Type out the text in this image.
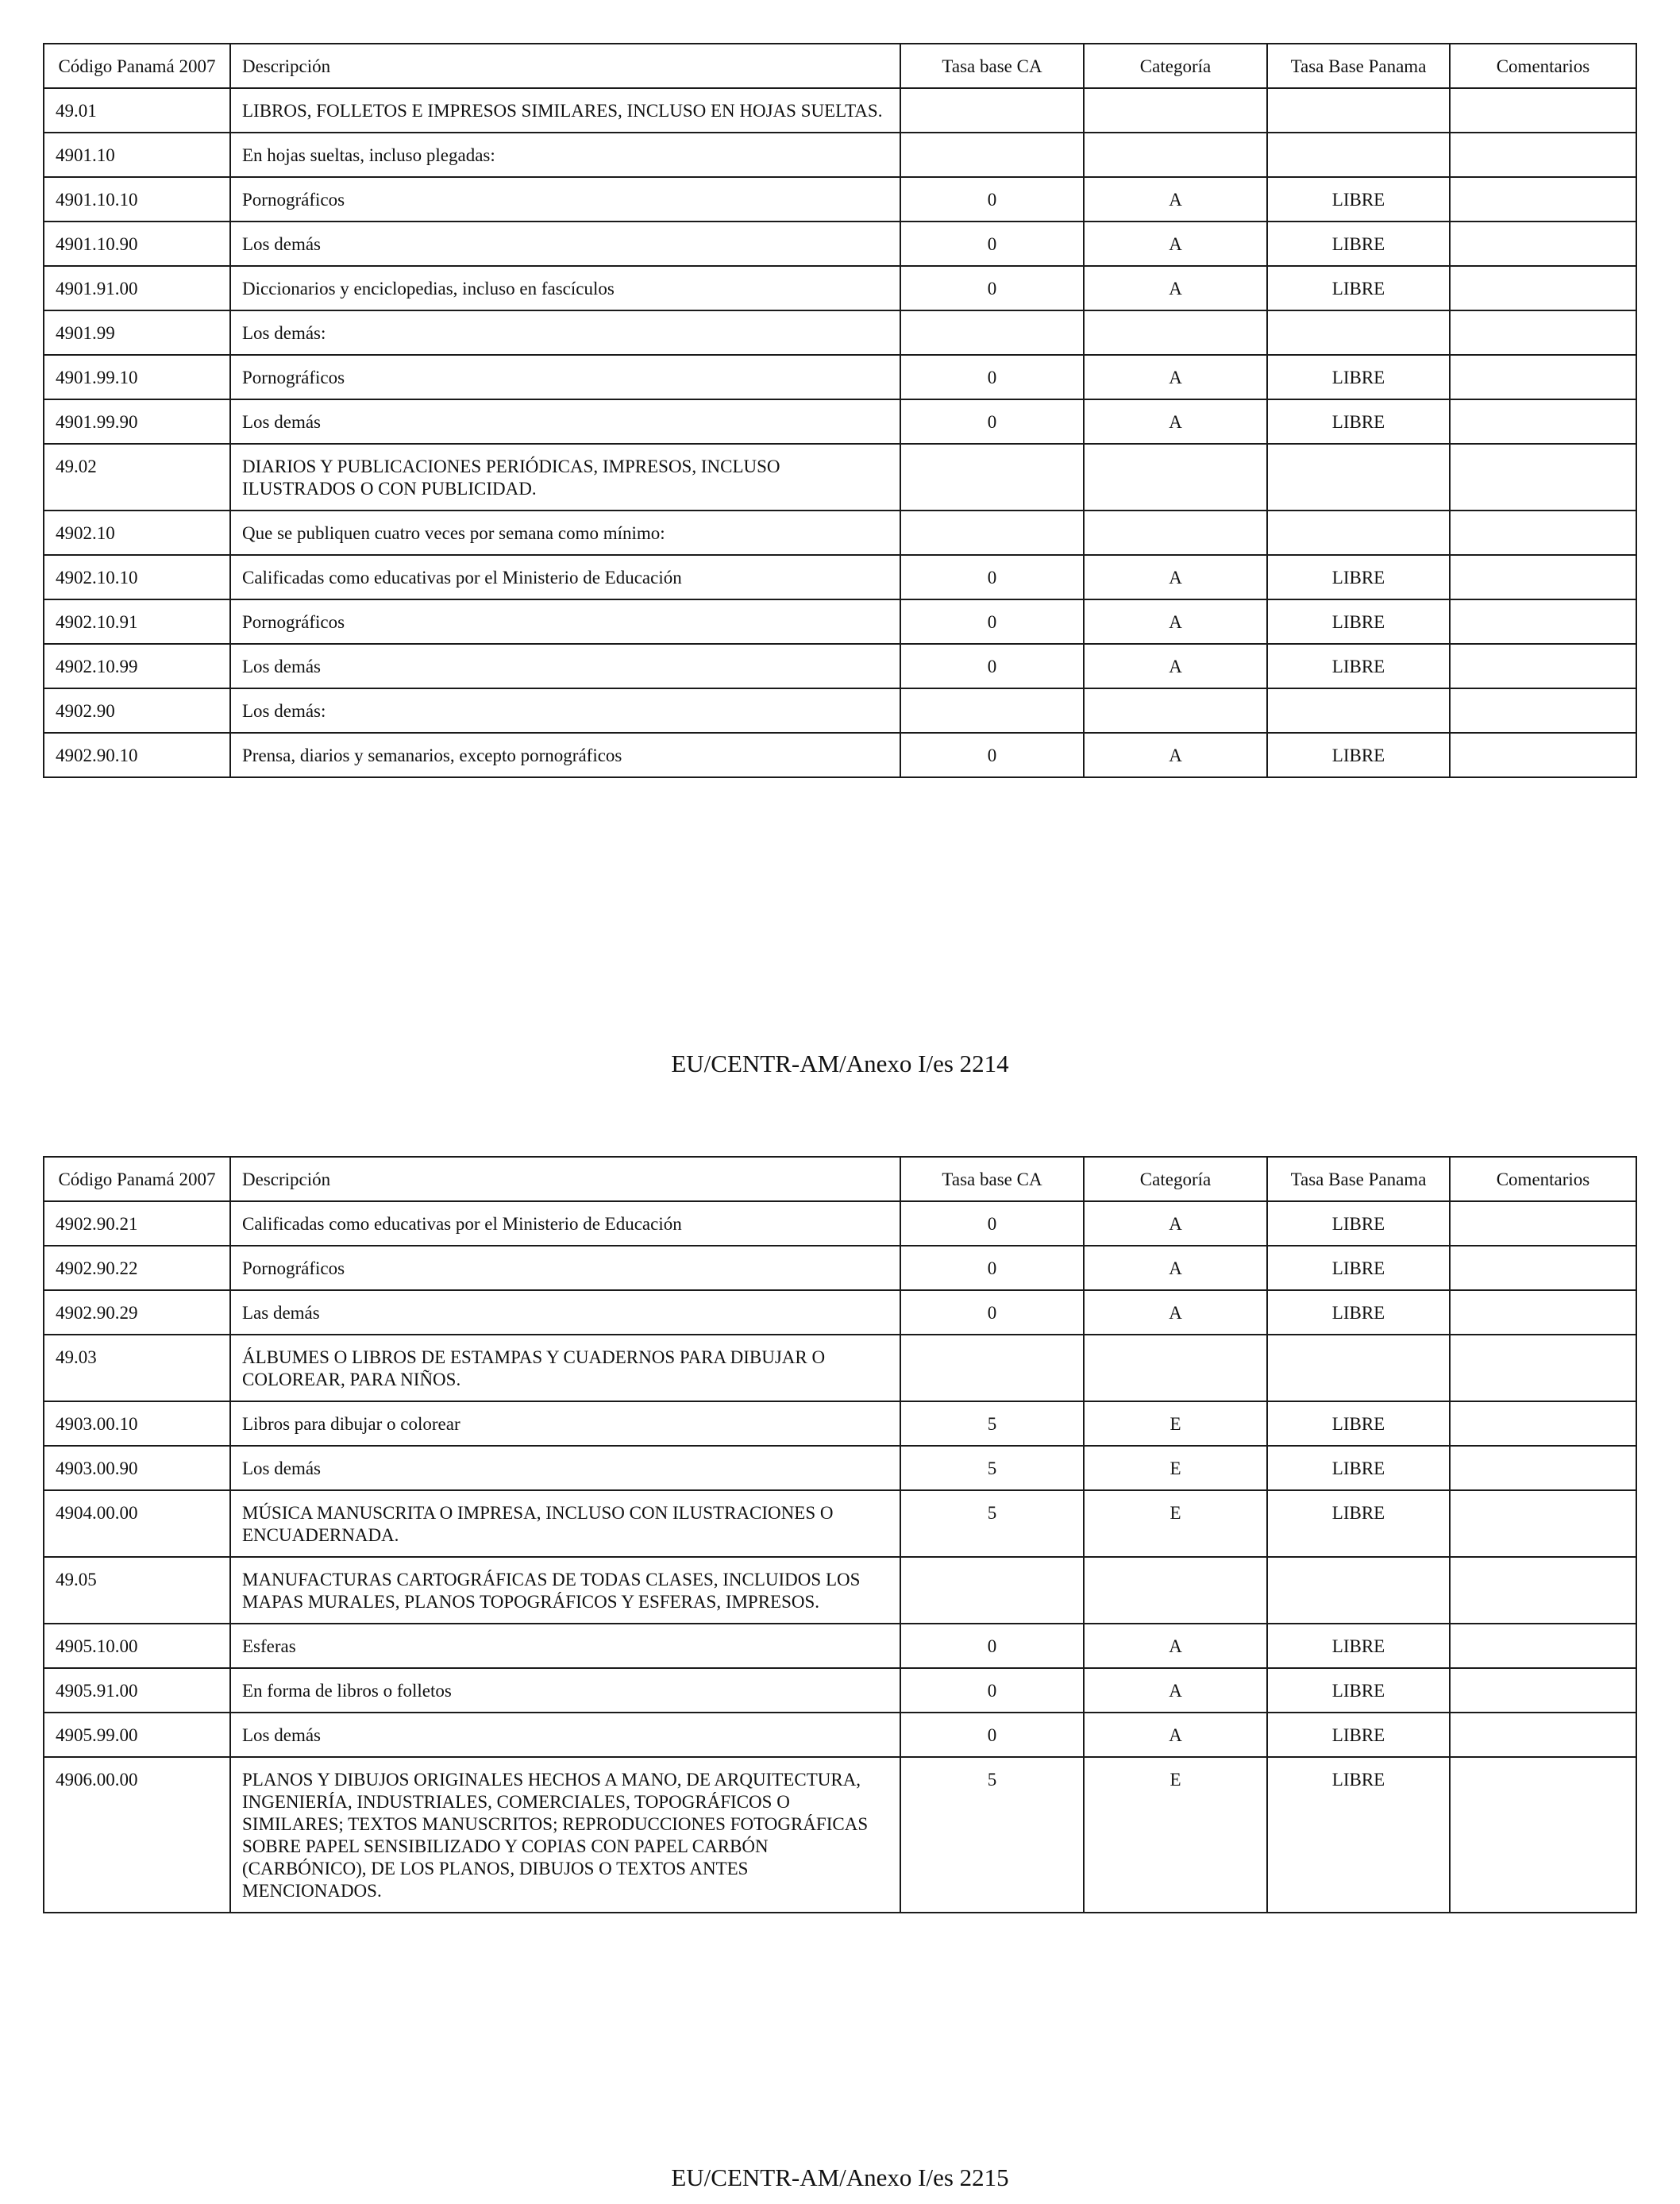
Código Panamá 2007	Descripción	Tasa base CA	Categoría	Tasa Base Panama	Comentarios
49.01	LIBROS, FOLLETOS E IMPRESOS SIMILARES, INCLUSO EN HOJAS SUELTAS.				
4901.10	En hojas sueltas, incluso plegadas:				
4901.10.10	Pornográficos	0	A	LIBRE	
4901.10.90	Los demás	0	A	LIBRE	
4901.91.00	Diccionarios y enciclopedias, incluso en fascículos	0	A	LIBRE	
4901.99	Los demás:				
4901.99.10	Pornográficos	0	A	LIBRE	
4901.99.90	Los demás	0	A	LIBRE	
49.02	DIARIOS Y PUBLICACIONES PERIÓDICAS, IMPRESOS, INCLUSO ILUSTRADOS O CON PUBLICIDAD.				
4902.10	Que se publiquen cuatro veces por semana como mínimo:				
4902.10.10	Calificadas como educativas por el Ministerio de Educación	0	A	LIBRE	
4902.10.91	Pornográficos	0	A	LIBRE	
4902.10.99	Los demás	0	A	LIBRE	
4902.90	Los demás:				
4902.90.10	Prensa, diarios y semanarios, excepto pornográficos	0	A	LIBRE	
EU/CENTR-AM/Anexo I/es 2214
Código Panamá 2007	Descripción	Tasa base CA	Categoría	Tasa Base Panama	Comentarios
4902.90.21	Calificadas como educativas por el Ministerio de Educación	0	A	LIBRE	
4902.90.22	Pornográficos	0	A	LIBRE	
4902.90.29	Las demás	0	A	LIBRE	
49.03	ÁLBUMES O LIBROS DE ESTAMPAS Y CUADERNOS PARA DIBUJAR O COLOREAR, PARA NIÑOS.				
4903.00.10	Libros para dibujar o colorear	5	E	LIBRE	
4903.00.90	Los demás	5	E	LIBRE	
4904.00.00	MÚSICA MANUSCRITA O IMPRESA, INCLUSO CON ILUSTRACIONES O ENCUADERNADA.	5	E	LIBRE	
49.05	MANUFACTURAS CARTOGRÁFICAS DE TODAS CLASES, INCLUIDOS LOS MAPAS MURALES, PLANOS TOPOGRÁFICOS Y ESFERAS, IMPRESOS.				
4905.10.00	Esferas	0	A	LIBRE	
4905.91.00	En forma de libros o folletos	0	A	LIBRE	
4905.99.00	Los demás	0	A	LIBRE	
4906.00.00	PLANOS Y DIBUJOS ORIGINALES HECHOS A MANO, DE ARQUITECTURA, INGENIERÍA, INDUSTRIALES, COMERCIALES, TOPOGRÁFICOS O SIMILARES; TEXTOS MANUSCRITOS; REPRODUCCIONES FOTOGRÁFICAS SOBRE PAPEL SENSIBILIZADO Y COPIAS CON PAPEL CARBÓN (CARBÓNICO), DE LOS PLANOS, DIBUJOS O TEXTOS ANTES MENCIONADOS.	5	E	LIBRE	
EU/CENTR-AM/Anexo I/es 2215
